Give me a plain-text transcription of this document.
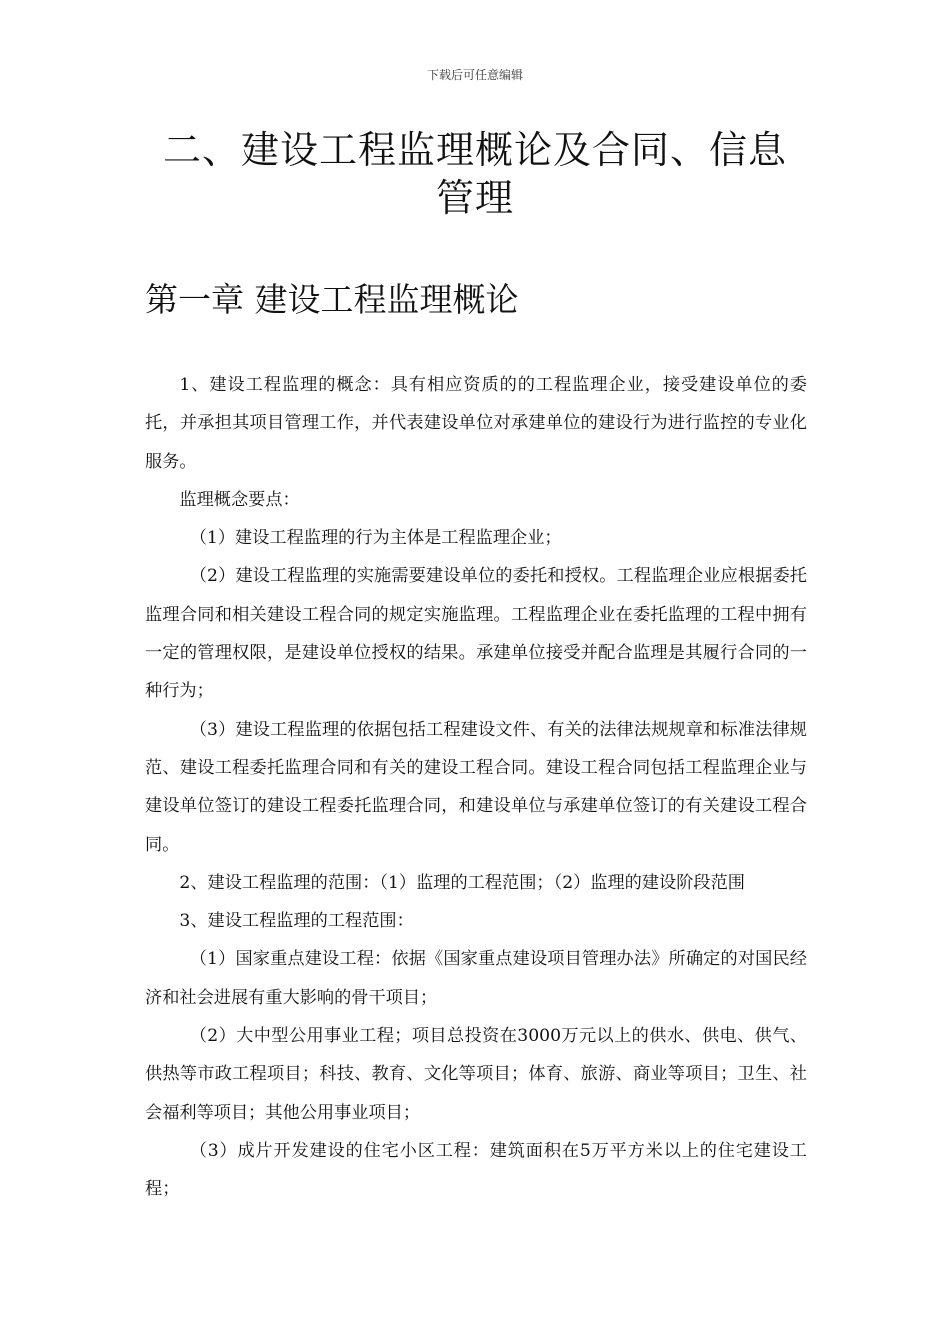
下载后可任意编辑
二、建设工程监理概论及合同、信息管理
第一章 建设工程监理概论

1、建设工程监理的概念：具有相应资质的的工程监理企业，接受建设单位的委托，并承担其项目管理工作，并代表建设单位对承建单位的建设行为进行监控的专业化服务。

监理概念要点：

（1）建设工程监理的行为主体是工程监理企业；

（2）建设工程监理的实施需要建设单位的委托和授权。工程监理企业应根据委托监理合同和相关建设工程合同的规定实施监理。工程监理企业在委托监理的工程中拥有一定的管理权限，是建设单位授权的结果。承建单位接受并配合监理是其履行合同的一种行为；

（3）建设工程监理的依据包括工程建设文件、有关的法律法规规章和标准法律规范、建设工程委托监理合同和有关的建设工程合同。建设工程合同包括工程监理企业与建设单位签订的建设工程委托监理合同，和建设单位与承建单位签订的有关建设工程合同。

2、建设工程监理的范围：（1）监理的工程范围；（2）监理的建设阶段范围

3、建设工程监理的工程范围：

（1）国家重点建设工程：依据《国家重点建设项目管理办法》所确定的对国民经济和社会进展有重大影响的骨干项目；

（2）大中型公用事业工程；项目总投资在3000万元以上的供水、供电、供气、供热等市政工程项目；科技、教育、文化等项目；体育、旅游、商业等项目；卫生、社会福利等项目；其他公用事业项目；

（3）成片开发建设的住宅小区工程：建筑面积在5万平方米以上的住宅建设工程；
